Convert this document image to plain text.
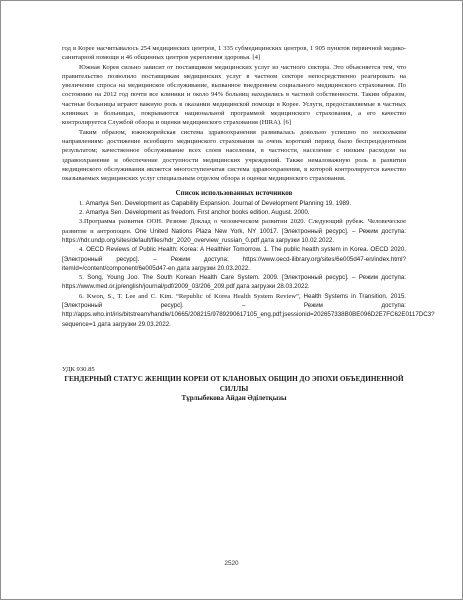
год в Корее насчитывалось 254 медицинских центров, 1 335 субмедицинских центров, 1 905 пунктов первичной медико-санитарной помощи и 46 общинных центров укрепления здоровья. [4]

Южная Корея сильно зависит от поставщиков медицинских услуг из частного сектора. Это объясняется тем, что правительство позволило поставщикам медицинских услуг в частном секторе непосредственно реагировать на увеличение спроса на медицинское обслуживание, вызванное внедрением социального медицинского страхования. По состоянию на 2012 год почти все клиники и около 94% больниц находились в частной собственности. Таким образом, частные больницы играют важную роль в оказании медицинской помощи в Корее. Услуги, предоставляемые в частных клиниках и больницах, покрываются национальной программой медицинского страхования, а его качество контролируется Службой обзора и оценки медицинского страхования (HIRA). [6]

Таким образом, южнокорейская система здравоохранения развивалась довольно успешно по нескольким направлениям: достижение всеобщего медицинского страхования за очень короткий период было беспрецедентным результатом; качественное обслуживание всех слоев населения, в частности, население с низким расходом на здравоохранение и обеспечение доступности медицинских учреждений. Также немаловажную роль в развитии медицинского обслуживания является многоступенчатая система здравоохранения, в которой контролируется качество оказываемых медицинских услуг специальным отделом обзора и оценки медицинского страхования.

Список использованных источников

1. Amartya Sen. Development as Capability Expansion. Journal of Development Planning 19. 1989.

2. Amartya Sen. Development as freedom. First anchor books edition. August. 2000.

3.Программа развития ООН. Резюме Доклад о человеческом развитии 2020. Следующий рубеж. Человеческое развитие и антропоцен. One United Nations Plaza New York, NY 10017. [Электронный ресурс]. – Режим доступа: https://hdr.undp.org/sites/default/files/hdr_2020_overview_russian_0.pdf дата загрузки 10.02.2022.

4. OECD Reviews of Public Health: Korea: A Healthier Tomorrow. 1. The public health system in Korea. OECD 2020. [Электронный ресурс]. – Режим доступа: https://www.oecd-ilibrary.org/sites/6e005d47-en/index.html?itemId=/content/component/6e005d47-en дата загрузки 20.03.2022.

5. Song, Young Joo. The South Korean Health Care System. 2009. [Электронный ресурс]. – Режим доступа: https://www.med.or.jp/english/journal/pdf/2009_03/206_209.pdf дата загрузки 28.03.2022.

6. Kwon, S., T. Lee and C. Kim. “Republic of Korea Health System Review”, Health Systems in Transition. 2015. [Электронный ресурс]. – Режим доступа: http://apps.who.int/iris/bitstream/handle/10665/208215/9789290617105_eng.pdf;jsessionid=202657338B0BE096D2E7FC62E0117DC3?sequence=1 дата загрузки 29.03.2022.

УДК 930.85

ГЕНДЕРНЫЙ СТАТУС ЖЕНЩИН КОРЕИ ОТ КЛАНОВЫХ ОБЩИН ДО ЭПОХИ ОБЪЕДИНЕННОЙ СИЛЛЫ

Тұрлыбекова Айдан Әділетқызы

2520
